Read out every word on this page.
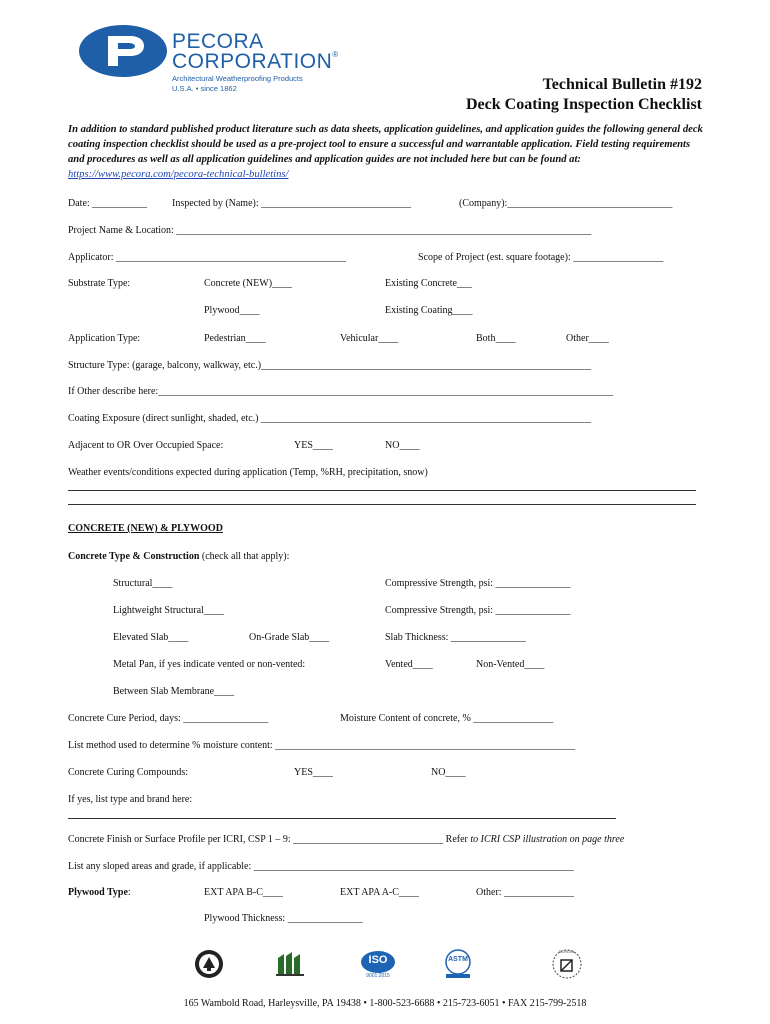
PECORA
CORPORATION®
Architectural Weatherproofing Products
U.S.A. • since 1862	Technical Bulletin #192
Deck Coating Inspection Checklist
In addition to standard published product literature such as data sheets, application guidelines, and application guides the following general deck coating inspection checklist should be used as a pre-project tool to ensure a successful and warrantable application. Field testing requirements and procedures as well as all application guidelines and application guides are not included here but can be found at: https://www.pecora.com/pecora-technical-bulletins/
Date: ___________ Inspected by (Name): ______________________________	(Company):_________________________________
Project Name & Location: ___________________________________________________________________________________
Applicator: ______________________________________________	Scope of Project (est. square footage): __________________
Substrate Type:	Concrete (NEW)____	Existing Concrete___
Plywood____	Existing Coating____
Application Type:	Pedestrian____	Vehicular____	Both____	Other____
Structure Type: (garage, balcony, walkway, etc.)__________________________________________________________________
If Other describe here:___________________________________________________________________________________________
Coating Exposure (direct sunlight, shaded, etc.) __________________________________________________________________
Adjacent to OR Over Occupied Space:	YES____	NO____
Weather events/conditions expected during application (Temp, %RH, precipitation, snow)
CONCRETE (NEW) & PLYWOOD
Concrete Type & Construction (check all that apply):
Structural____	Compressive Strength, psi: _______________
Lightweight Structural____	Compressive Strength, psi: _______________
Elevated Slab____	On-Grade Slab____	Slab Thickness: _______________
Metal Pan, if yes indicate vented or non-vented:	Vented____	Non-Vented____
Between Slab Membrane____
Concrete Cure Period, days: _________________	Moisture Content of concrete, % ________________
List method used to determine % moisture content: ____________________________________________________________
Concrete Curing Compounds:	YES____	NO____
If yes, list type and brand here:
Concrete Finish or Surface Profile per ICRI, CSP 1 – 9: ______________________________ Refer to ICRI CSP illustration on page three
List any sloped areas and grade, if applicable: ________________________________________________________________
Plywood Type:	EXT APA B-C____	EXT APA A-C____	Other: ______________
Plywood Thickness: _______________
ISO
9001:2015
ASTM
SCHOOL
165 Wambold Road, Harleysville, PA 19438 • 1-800-523-6688 • 215-723-6051 • FAX 215-799-2518
